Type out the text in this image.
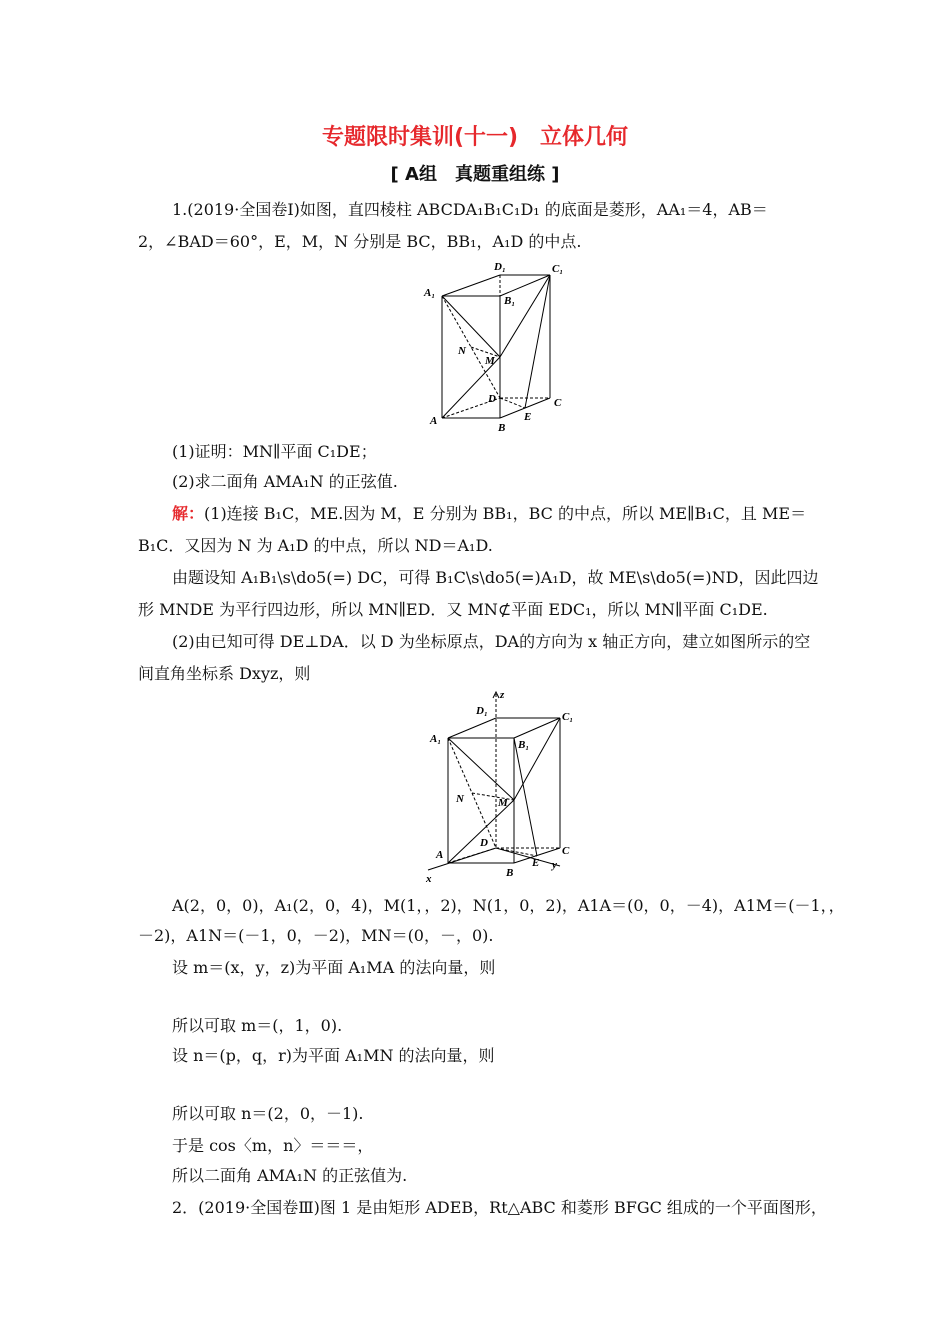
专题限时集训(十一)　立体几何
[ A组　真题重组练 ]
1.(2019·全国卷Ⅰ)如图，直四棱柱 ABCDA₁B₁C₁D₁ 的底面是菱形，AA₁＝4，AB＝
2，∠BAD＝60°，E，M，N 分别是 BC，BB₁，A₁D 的中点.
D₁	C₁
A₁
B₁
N
M
D	C
A
B
E
(1)证明：MN∥平面 C₁DE；
(2)求二面角 AMA₁N 的正弦值.
解：(1)连接 B₁C，ME.因为 M，E 分别为 BB₁，BC 的中点，所以 ME∥B₁C，且 ME＝
B₁C．又因为 N 为 A₁D 的中点，所以 ND＝A₁D.
由题设知 A₁B₁\s\do5(=) DC，可得 B₁C\s\do5(=)A₁D，故 ME\s\do5(=)ND，因此四边
形 MNDE 为平行四边形，所以 MN∥ED．又 MN⊄平面 EDC₁，所以 MN∥平面 C₁DE.
(2)由已知可得 DE⊥DA．以 D 为坐标原点，DA的方向为 x 轴正方向，建立如图所示的空
间直角坐标系 Dxyz，则
z
D₁	C₁
A₁	B₁
N	M
D
C
A
E y
B
x
A(2，0，0)，A₁(2，0，4)，M(1，，2)，N(1，0，2)，A1A＝(0，0，－4)，A1M＝(－1，，
－2)，A1N＝(－1，0，－2)，MN＝(0，－，0).
设 m＝(x，y，z)为平面 A₁MA 的法向量，则
所以可取 m＝(，1，0).
设 n＝(p，q，r)为平面 A₁MN 的法向量，则
所以可取 n＝(2，0，－1).
于是 cos〈m，n〉＝＝＝，
所以二面角 AMA₁N 的正弦值为.
2．(2019·全国卷Ⅲ)图 1 是由矩形 ADEB，Rt△ABC 和菱形 BFGC 组成的一个平面图形，
